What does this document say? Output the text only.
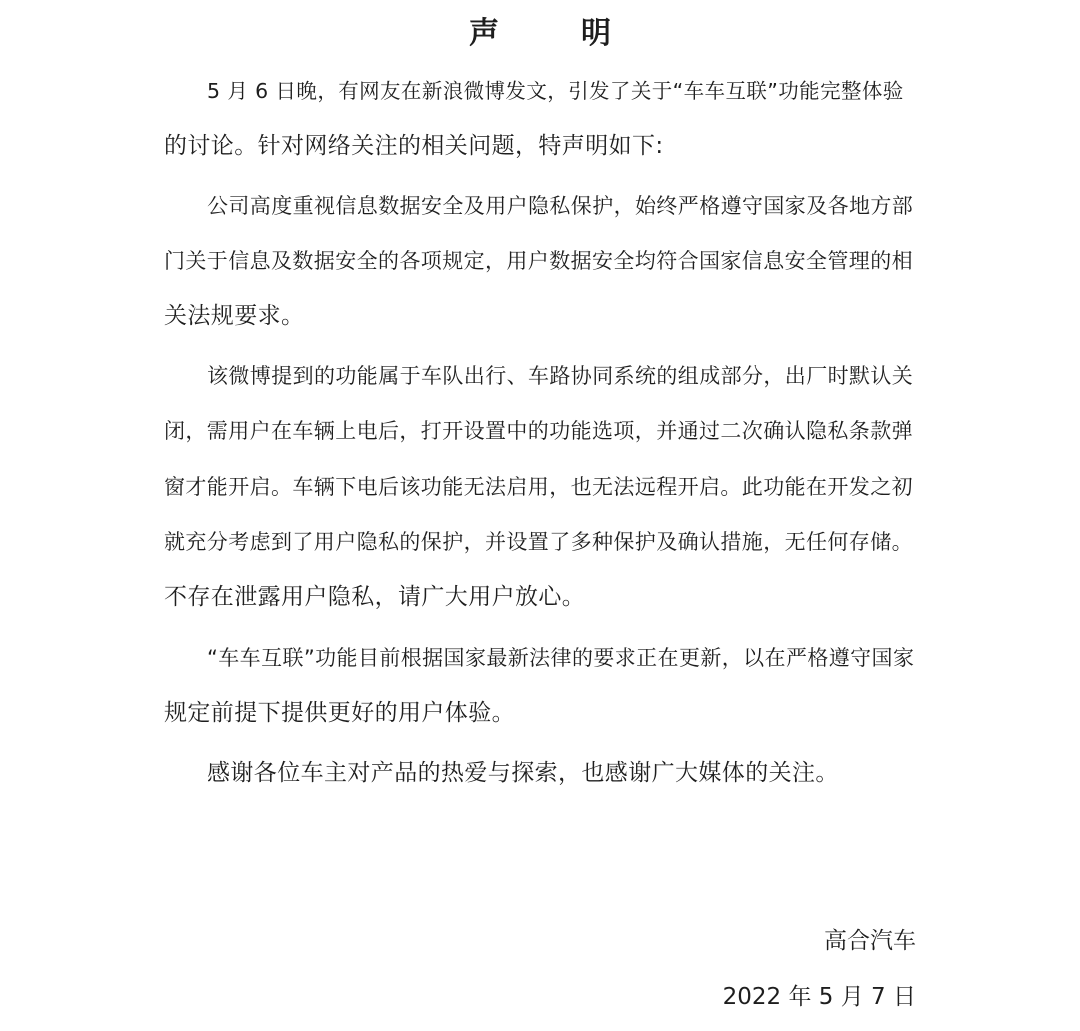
声　明
5 月 6 日晚，有网友在新浪微博发文，引发了关于“车车互联”功能完整体验
的讨论。针对网络关注的相关问题，特声明如下:
公司高度重视信息数据安全及用户隐私保护，始终严格遵守国家及各地方部
门关于信息及数据安全的各项规定，用户数据安全均符合国家信息安全管理的相
关法规要求。
该微博提到的功能属于车队出行、车路协同系统的组成部分，出厂时默认关
闭，需用户在车辆上电后，打开设置中的功能选项，并通过二次确认隐私条款弹
窗才能开启。车辆下电后该功能无法启用，也无法远程开启。此功能在开发之初
就充分考虑到了用户隐私的保护，并设置了多种保护及确认措施，无任何存储。
不存在泄露用户隐私，请广大用户放心。
“车车互联”功能目前根据国家最新法律的要求正在更新，以在严格遵守国家
规定前提下提供更好的用户体验。
感谢各位车主对产品的热爱与探索，也感谢广大媒体的关注。
高合汽车
2022 年 5 月 7 日
